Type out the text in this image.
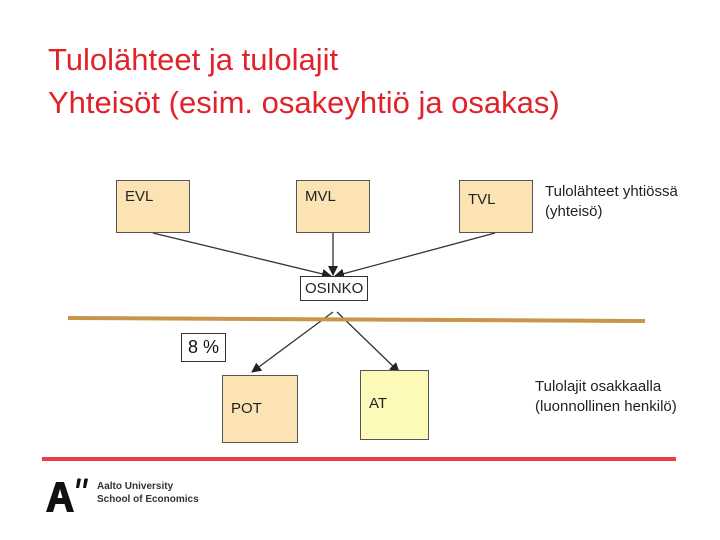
Tulolähteet ja tulolajit
Yhteisöt (esim. osakeyhtiö ja osakas)
EVL	MVL	TVL	Tulolähteet yhtiössä
(yhteisö)
OSINKO
8 %
POT	AT
Tulolajit osakkaalla
(luonnollinen henkilö)
Aalto University
School of Economics
